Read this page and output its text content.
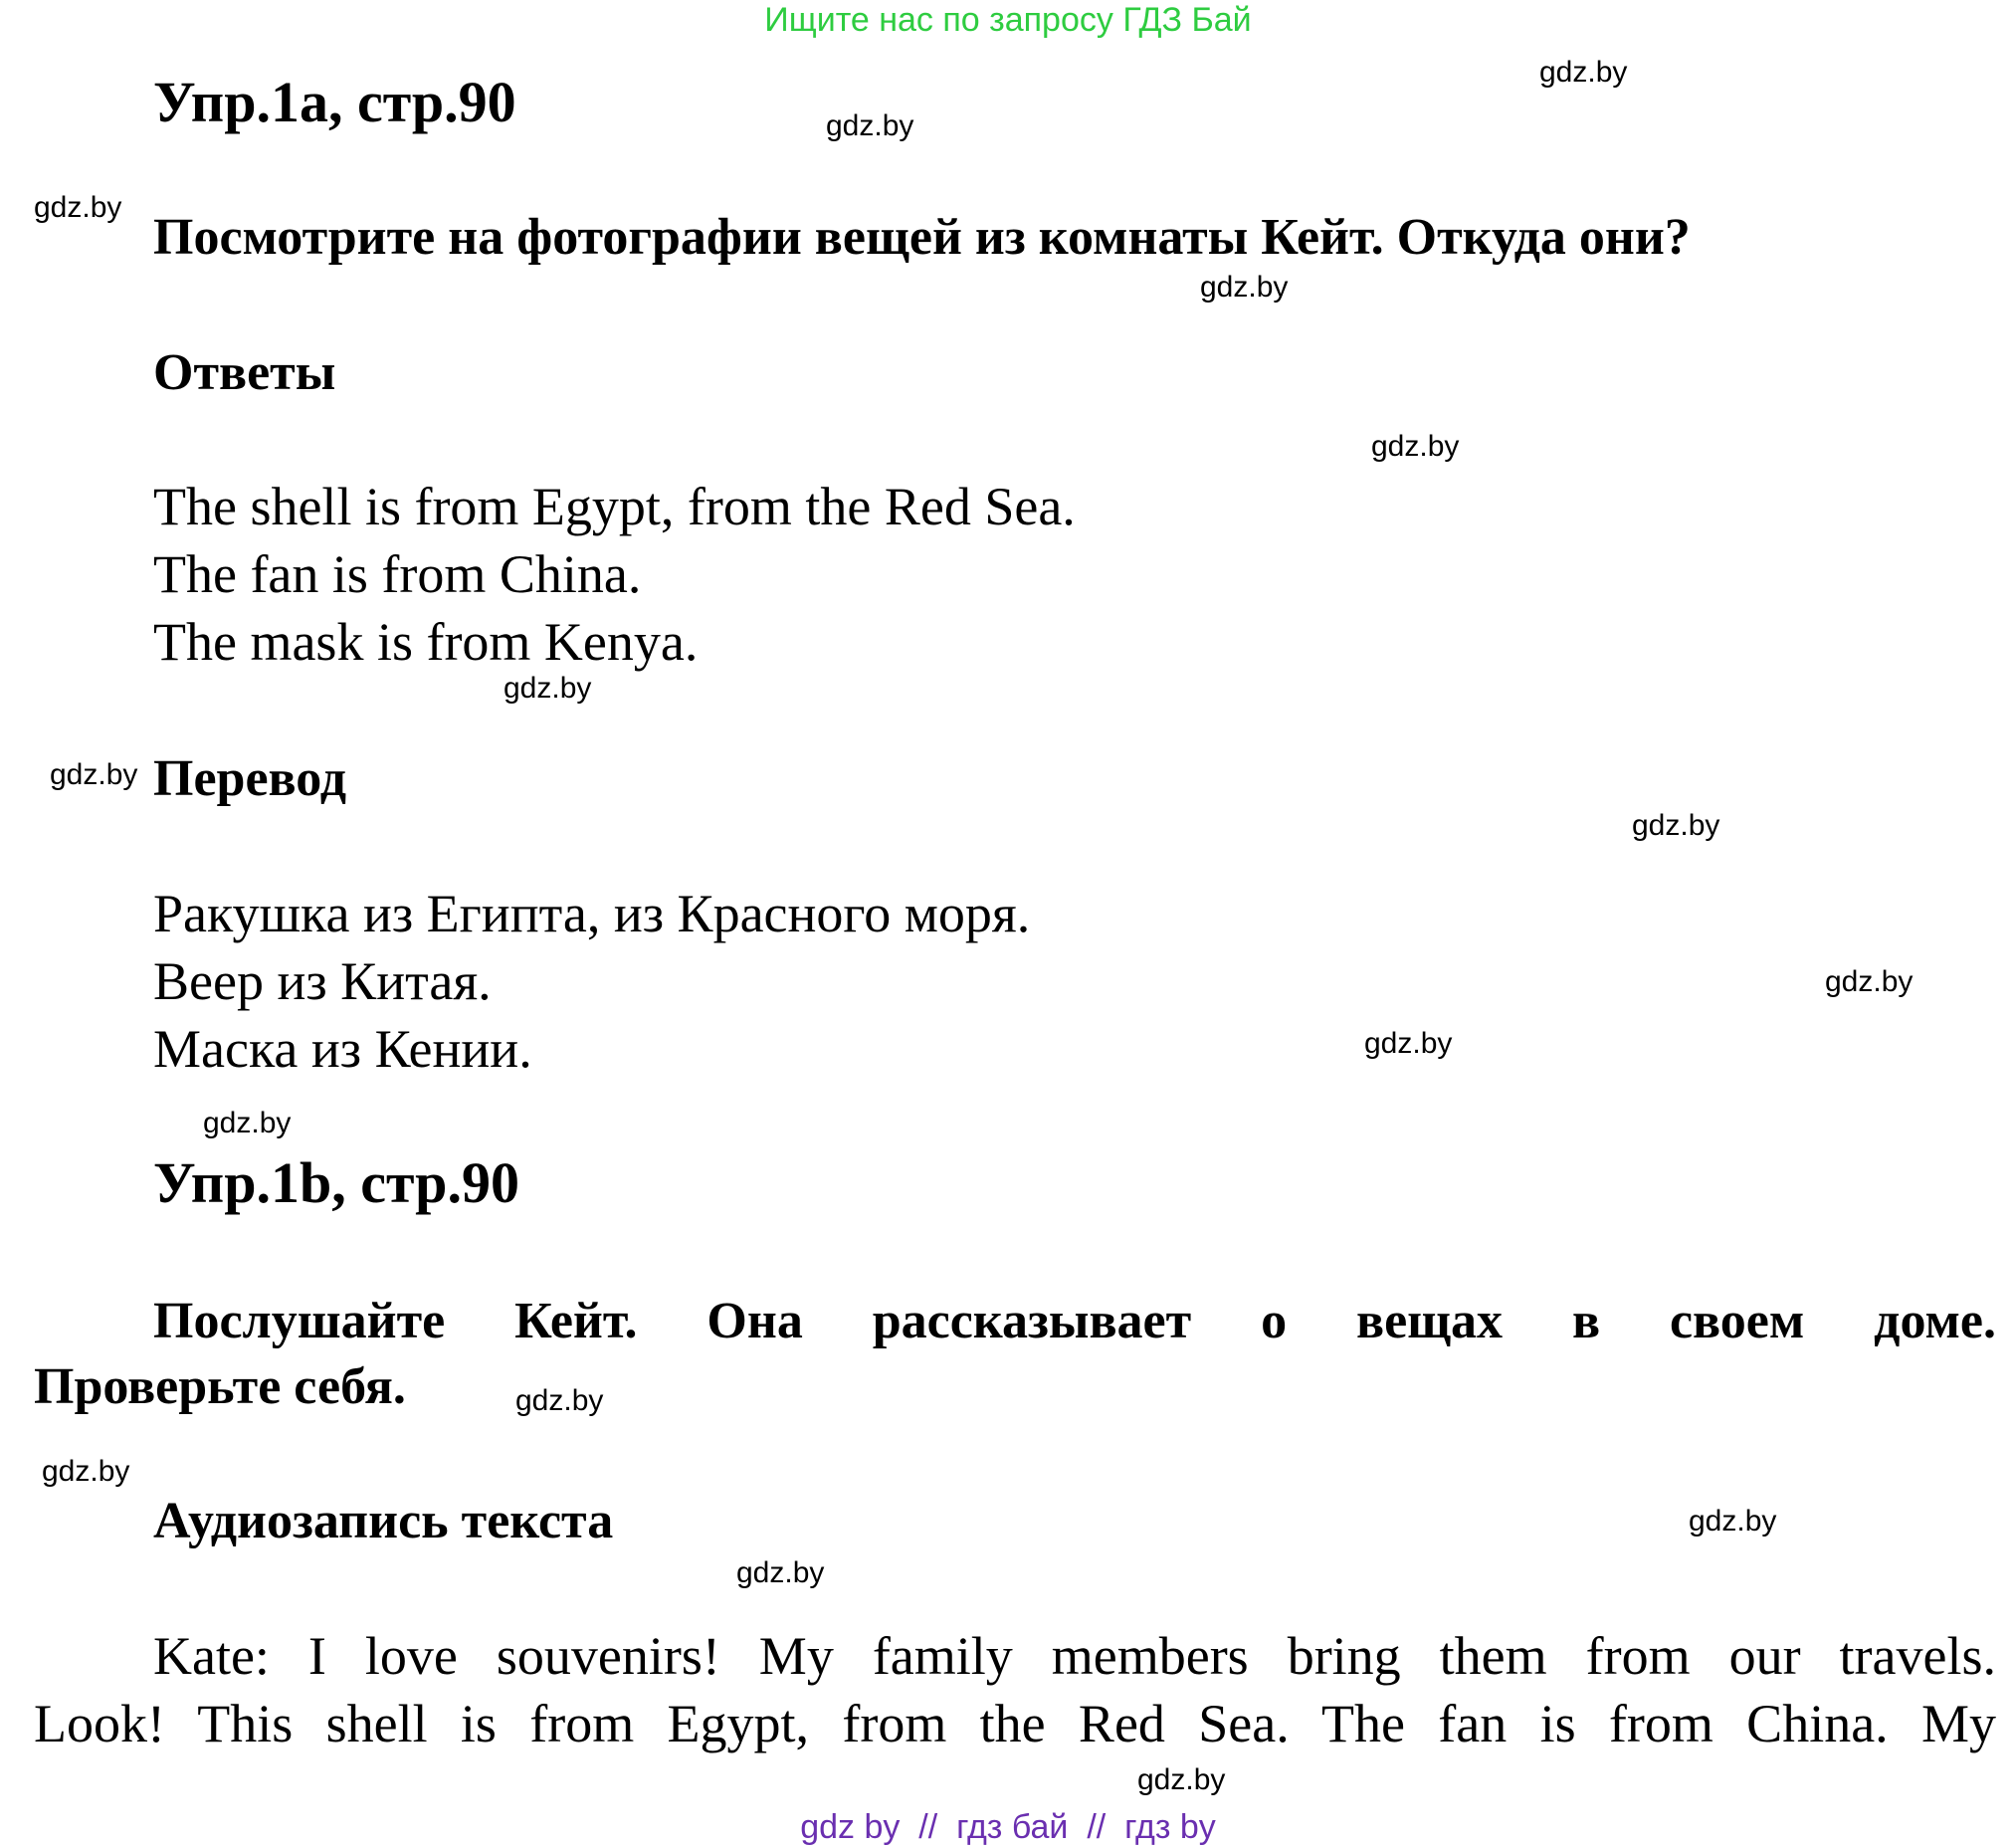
Ищите нас по запросу ГДЗ Бай
gdz.by
gdz.by
gdz.by
gdz.by
gdz.by
gdz.by
gdz.by
gdz.by
gdz.by
gdz.by
gdz.by
gdz.by
gdz.by
gdz.by
gdz.by
gdz.by
Упр.1a, стр.90
Посмотрите на фотографии вещей из комнаты Кейт. Откуда они?
Ответы
The shell is from Egypt, from the Red Sea.
The fan is from China.
The mask is from Kenya.
Перевод
Ракушка из Египта, из Красного моря.
Веер из Китая.
Маска из Кении.
Упр.1b, стр.90
Послушайте Кейт. Она рассказывает о вещах в своем доме.
Проверьте себя.
Аудиозапись текста
Kate: I love souvenirs! My family members bring them from our travels.
Look! This shell is from Egypt, from the Red Sea. The fan is from China. My
gdz by  //  гдз бай  //  гдз by
